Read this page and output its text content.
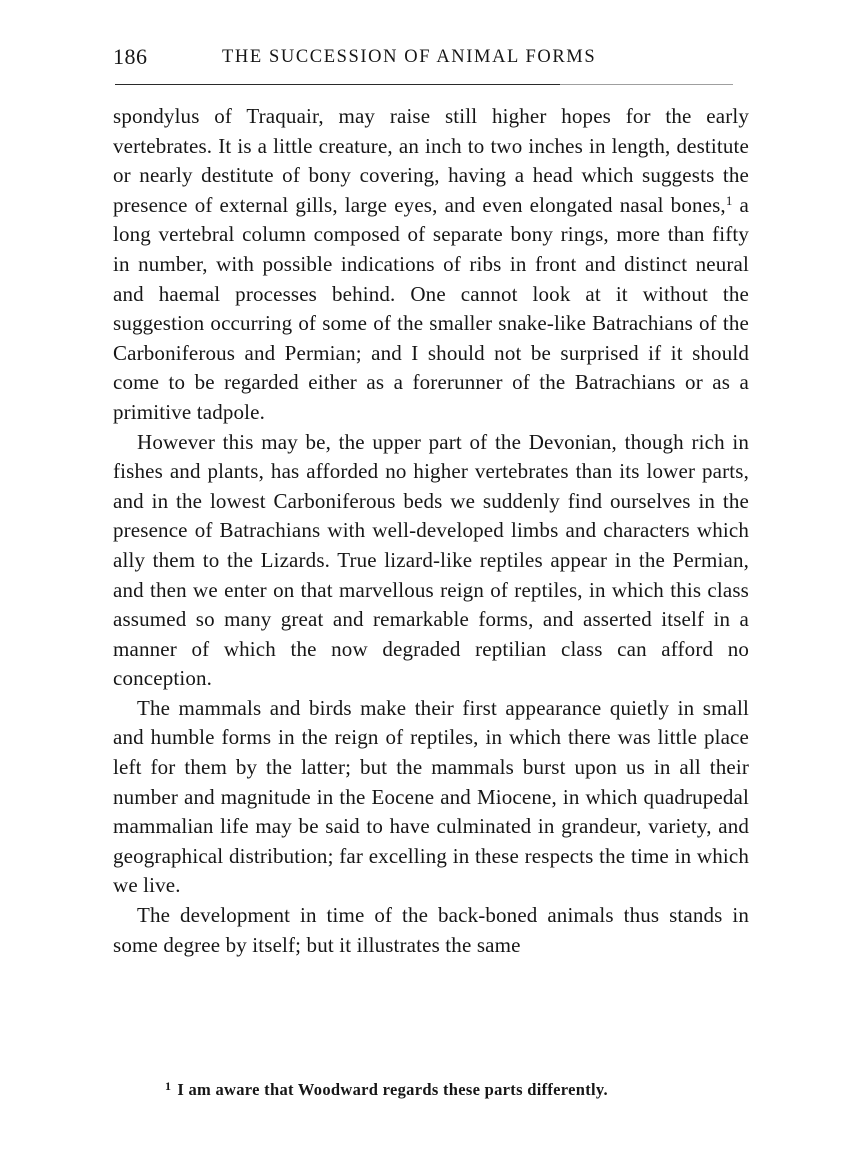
186	THE SUCCESSION OF ANIMAL FORMS

spondylus of Traquair, may raise still higher hopes for the early vertebrates. It is a little creature, an inch to two inches in length, destitute or nearly destitute of bony covering, having a head which suggests the presence of external gills, large eyes, and even elongated nasal bones,$^1$ a long vertebral column composed of separate bony rings, more than fifty in number, with possible indications of ribs in front and distinct neural and haemal processes behind. One cannot look at it without the suggestion occurring of some of the smaller snake-like Batrachians of the Carboniferous and Permian; and I should not be surprised if it should come to be regarded either as a forerunner of the Batrachians or as a primitive tadpole.

However this may be, the upper part of the Devonian, though rich in fishes and plants, has afforded no higher vertebrates than its lower parts, and in the lowest Carboniferous beds we suddenly find ourselves in the presence of Batrachians with well-developed limbs and characters which ally them to the Lizards. True lizard-like reptiles appear in the Permian, and then we enter on that marvellous reign of reptiles, in which this class assumed so many great and remarkable forms, and asserted itself in a manner of which the now degraded reptilian class can afford no conception.

The mammals and birds make their first appearance quietly in small and humble forms in the reign of reptiles, in which there was little place left for them by the latter; but the mammals burst upon us in all their number and magnitude in the Eocene and Miocene, in which quadrupedal mammalian life may be said to have culminated in grandeur, variety, and geographical distribution; far excelling in these respects the time in which we live.

The development in time of the back-boned animals thus stands in some degree by itself; but it illustrates the same

$^1$ I am aware that Woodward regards these parts differently.
